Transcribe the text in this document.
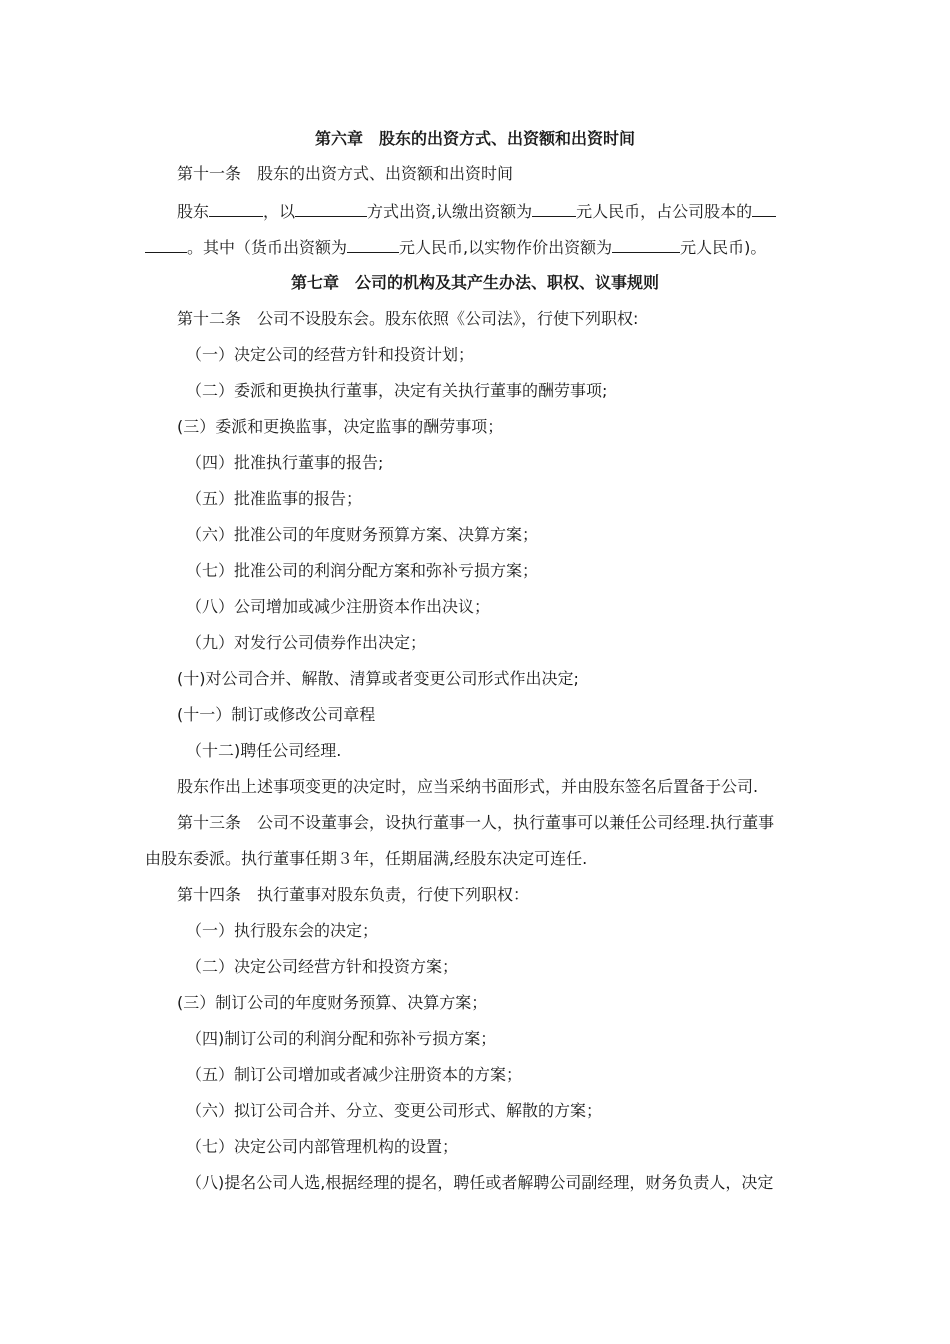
第六章　股东的出资方式、出资额和出资时间
第十一条　股东的出资方式、出资额和出资时间
股东	，以	方式出资,认缴出资额为	元人民币，占公司股本的
。其中（货币出资额为	元人民币,以实物作价出资额为	元人民币)。
第七章　公司的机构及其产生办法、职权、议事规则
第十二条　公司不设股东会。股东依照《公司法》，行使下列职权:
（一）决定公司的经营方针和投资计划；
（二）委派和更换执行董事，决定有关执行董事的酬劳事项;
(三）委派和更换监事，决定监事的酬劳事项；
（四）批准执行董事的报告;
（五）批准监事的报告；
（六）批准公司的年度财务预算方案、决算方案；
（七）批准公司的利润分配方案和弥补亏损方案；
（八）公司增加或减少注册资本作出决议；
（九）对发行公司债券作出决定；
(十)对公司合并、解散、清算或者变更公司形式作出决定;
(十一）制订或修改公司章程
（十二)聘任公司经理.
股东作出上述事项变更的决定时，应当采纳书面形式，并由股东签名后置备于公司.
第十三条　公司不设董事会，设执行董事一人，执行董事可以兼任公司经理.执行董事
由股东委派。执行董事任期３年，任期届满,经股东决定可连任.
第十四条　执行董事对股东负责，行使下列职权：
（一）执行股东会的决定；
（二）决定公司经营方针和投资方案；
(三）制订公司的年度财务预算、决算方案；
（四)制订公司的利润分配和弥补亏损方案；
（五）制订公司增加或者减少注册资本的方案；
（六）拟订公司合并、分立、变更公司形式、解散的方案；
（七）决定公司内部管理机构的设置；
（八)提名公司人选,根据经理的提名，聘任或者解聘公司副经理，财务负责人，决定
